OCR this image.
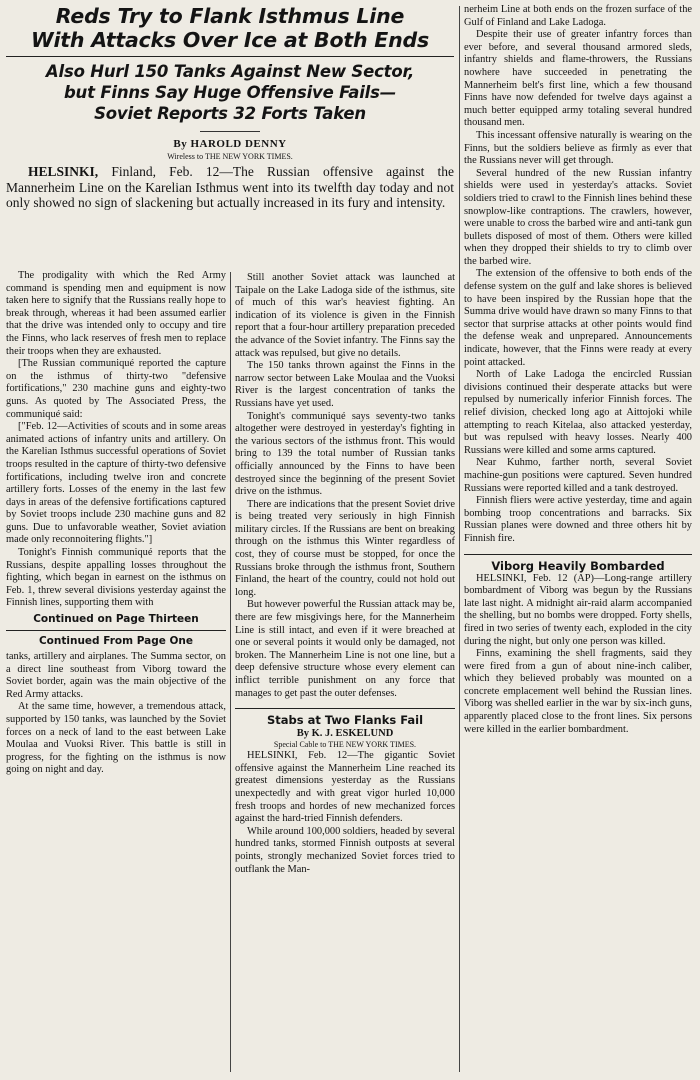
Reds Try to Flank Isthmus Line
With Attacks Over Ice at Both Ends
Also Hurl 150 Tanks Against New Sector,
but Finns Say Huge Offensive Fails—
Soviet Reports 32 Forts Taken
By HAROLD DENNY
Wireless to THE NEW YORK TIMES.
HELSINKI, Finland, Feb. 12—The Russian offensive against the Mannerheim Line on the Karelian Isthmus went into its twelfth day today and not only showed no sign of slackening but actually increased in its fury and intensity.

The prodigality with which the Red Army command is spending men and equipment is now taken here to signify that the Russians really hope to break through, whereas it had been assumed earlier that the drive was intended only to occupy and tire the Finns, who lack reserves of fresh men to replace their troops when they are exhausted.

[The Russian communiqué reported the capture on the isthmus of thirty-two "defensive fortifications," 230 machine guns and eighty-two guns. As quoted by The Associated Press, the communiqué said:

["Feb. 12—Activities of scouts and in some areas animated actions of infantry units and artillery. On the Karelian Isthmus successful operations of Soviet troops resulted in the capture of thirty-two defensive fortifications, including twelve iron and concrete artillery forts. Losses of the enemy in the last few days in areas of the defensive fortifications captured by Soviet troops include 230 machine guns and 82 guns. Due to unfavorable weather, Soviet aviation made only reconnoitering flights."]

Tonight's Finnish communiqué reports that the Russians, despite appalling losses throughout the fighting, which began in earnest on the isthmus on Feb. 1, threw several divisions yesterday against the Finnish lines, supporting them with

Continued on Page Thirteen
Continued From Page One

tanks, artillery and airplanes. The Summa sector, on a direct line southeast from Viborg toward the Soviet border, again was the main objective of the Red Army attacks.

At the same time, however, a tremendous attack, supported by 150 tanks, was launched by the Soviet forces on a neck of land to the east between Lake Moulaa and Vuoksi River. This battle is still in progress, for the fighting on the isthmus is now going on night and day.

Still another Soviet attack was launched at Taipale on the Lake Ladoga side of the isthmus, site of much of this war's heaviest fighting. An indication of its violence is given in the Finnish report that a four-hour artillery preparation preceded the advance of the Soviet infantry. The Finns say the attack was repulsed, but give no details.

The 150 tanks thrown against the Finns in the narrow sector between Lake Moulaa and the Vuoksi River is the largest concentration of tanks the Russians have yet used.

Tonight's communiqué says seventy-two tanks altogether were destroyed in yesterday's fighting in the various sectors of the isthmus front. This would bring to 139 the total number of Russian tanks officially announced by the Finns to have been destroyed since the beginning of the present Soviet drive on the isthmus.

There are indications that the present Soviet drive is being treated very seriously in high Finnish military circles. If the Russians are bent on breaking through on the isthmus this Winter regardless of cost, they of course must be stopped, for once the Russians broke through the isthmus front, Southern Finland, the heart of the country, could not hold out long.

But however powerful the Russian attack may be, there are few misgivings here, for the Mannerheim Line is still intact, and even if it were breached at one or several points it would only be damaged, not broken. The Mannerheim Line is not one line, but a deep defensive structure whose every element can inflict terrible punishment on any force that manages to get past the outer defenses.

Stabs at Two Flanks Fail
By K. J. ESKELUND
Special Cable to THE NEW YORK TIMES.

HELSINKI, Feb. 12—The gigantic Soviet offensive against the Mannerheim Line reached its greatest dimensions yesterday as the Russians unexpectedly and with great vigor hurled 10,000 fresh troops and hordes of new mechanized forces against the hard-tried Finnish defenders.

While around 100,000 soldiers, headed by several hundred tanks, stormed Finnish outposts at several points, strongly mechanized Soviet forces tried to outflank the Man-

nerheim Line at both ends on the frozen surface of the Gulf of Finland and Lake Ladoga.

Despite their use of greater infantry forces than ever before, and several thousand armored sleds, infantry shields and flame-throwers, the Russians nowhere have succeeded in penetrating the Mannerheim belt's first line, which a few thousand Finns have now defended for twelve days against a much better equipped army totaling several hundred thousand men.

This incessant offensive naturally is wearing on the Finns, but the soldiers believe as firmly as ever that the Russians never will get through.

Several hundred of the new Russian infantry shields were used in yesterday's attacks. Soviet soldiers tried to crawl to the Finnish lines behind these snowplow-like contraptions. The crawlers, however, were unable to cross the barbed wire and anti-tank gun bullets disposed of most of them. Others were killed when they dropped their shields to try to climb over the barbed wire.

The extension of the offensive to both ends of the defense system on the gulf and lake shores is believed to have been inspired by the Russian hope that the Summa drive would have drawn so many Finns to that sector that surprise attacks at other points would find the defense weak and unprepared. Announcements indicate, however, that the Finns were ready at every point attacked.

North of Lake Ladoga the encircled Russian divisions continued their desperate attacks but were repulsed by numerically inferior Finnish forces. The relief division, checked long ago at Aittojoki while attempting to reach Kitelaa, also attacked yesterday, but was repulsed with heavy losses. Nearly 400 Russians were killed and some arms captured.

Near Kuhmo, farther north, several Soviet machine-gun positions were captured. Seven hundred Russians were reported killed and a tank destroyed.

Finnish fliers were active yesterday, time and again bombing troop concentrations and barracks. Six Russian planes were downed and three others hit by Finnish fire.

Viborg Heavily Bombarded

HELSINKI, Feb. 12 (AP)—Long-range artillery bombardment of Viborg was begun by the Russians late last night. A midnight air-raid alarm accompanied the shelling, but no bombs were dropped. Forty shells, fired in two series of twenty each, exploded in the city during the night, but only one person was killed.

Finns, examining the shell fragments, said they were fired from a gun of about nine-inch caliber, which they believed probably was mounted on a concrete emplacement well behind the Russian lines. Viborg was shelled earlier in the war by six-inch guns, apparently placed close to the front lines. Six persons were killed in the earlier bombardment.
